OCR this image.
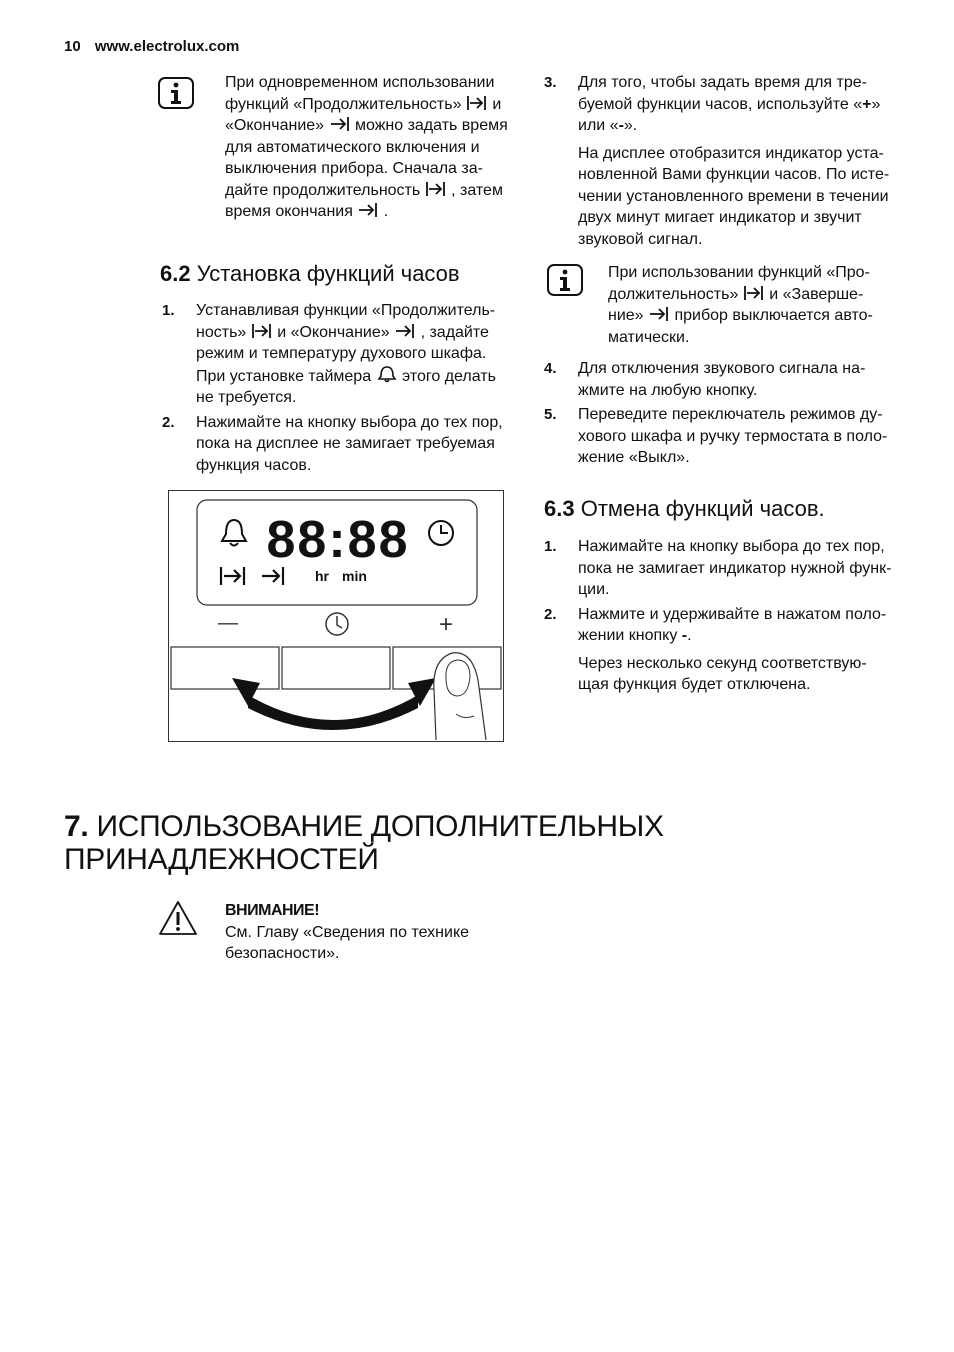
10 www.electrolux.com
При одновременном использовании
функций «Продолжительность» и
«Окончание» можно задать время
для автоматического включения и
выключения прибора. Сначала за-
дайте продолжительность , затем
время окончания .
6.2 Установка функций часов
1. Устанавливая функции «Продолжитель-
ность» и «Окончание» , задайте
режим и температуру духового шкафа.
При установке таймера этого делать
не требуется.
2. Нажимайте на кнопку выбора до тех пор,
пока на дисплее не замигает требуемая
функция часов.
88:88
hr min
—	+
3. Для того, чтобы задать время для тре-
буемой функции часов, используйте «+»
или «-».
На дисплее отобразится индикатор уста-
новленной Вами функции часов. По исте-
чении установленного времени в течении
двух минут мигает индикатор и звучит
звуковой сигнал.
При использовании функций «Про-
должительность» и «Заверше-
ние» прибор выключается авто-
матически.
4. Для отключения звукового сигнала на-
жмите на любую кнопку.
5. Переведите переключатель режимов ду-
хового шкафа и ручку термостата в поло-
жение «Выкл».
6.3 Отмена функций часов.
1. Нажимайте на кнопку выбора до тех пор,
пока не замигает индикатор нужной функ-
ции.
2. Нажмите и удерживайте в нажатом поло-
жении кнопку -.
Через несколько секунд соответствую-
щая функция будет отключена.
7. ИСПОЛЬЗОВАНИЕ ДОПОЛНИТЕЛЬНЫХ
ПРИНАДЛЕЖНОСТЕЙ
ВНИМАНИЕ!
См. Главу «Сведения по технике
безопасности».
